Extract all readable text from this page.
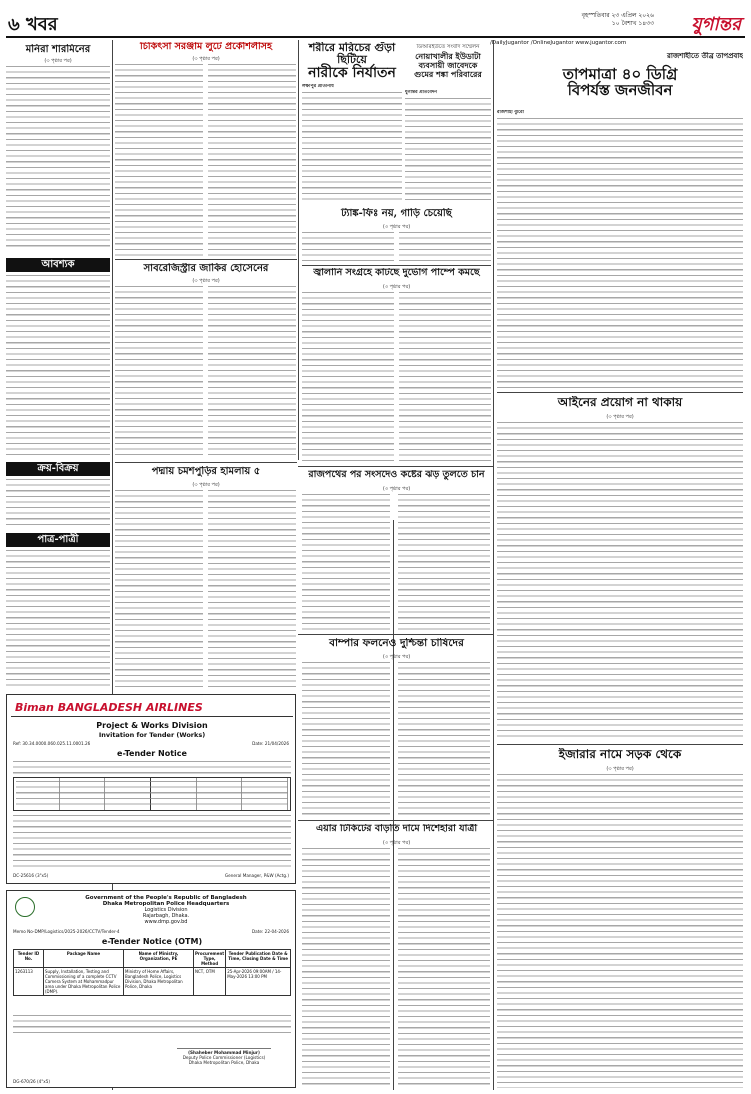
৬ খবর	বৃহস্পতিবার ২৩ এপ্রিল ২০২৬
১০ বৈশাখ ১৪৩৩ যুগান্তর
/DailyJugantor /OnlineJugantor www.jugantor.com
মনিরা শারমিনের
(৩ পৃষ্ঠার পর)
আবশ্যক
ক্রয়-বিক্রয়
পাত্র-পাত্রী
চিকিৎসা সরঞ্জাম লুটে প্রকৌশলীসহ
(৩ পৃষ্ঠার পর)
সাবরেজিস্ট্রার জাকির হোসেনের
(৩ পৃষ্ঠার পর)
শরীরে মরিচের গুঁড়া ছিটিয়ে
নারীকে নির্যাতন
লক্ষীপুর প্রতিনিধি
ডিআরইউতে সংবাদ সম্মেলন
নোয়াখালীর ইউডাটা
ব্যবসায়ী জাবেদকে
গুমের শঙ্কা পরিবারের
যুগান্তর প্রতিবেদন
ট্যাঙ্ক-ফিঃ নয়, গাড়ি চেয়েছি
(৩ পৃষ্ঠার পর)
জ্বালানি সংগ্রহে কাটছে দুর্ভোগ পাম্পে কমছে
(৩ পৃষ্ঠার পর)
পদ্মায় চমশপুড়ির হামলায় ৫
(৩ পৃষ্ঠার পর)
রাজপথের পর সংসদেও কষ্টের ঝড় তুলতে চান
(৩ পৃষ্ঠার পর)
বাম্পার ফলনেও দুশ্চিন্তা চাষিদের
(৩ পৃষ্ঠার পর)
এয়ার টিকিটের বাড়তি দামে দিশেহারা যাত্রী
(৩ পৃষ্ঠার পর)
রাজশাহীতে তীব্র তাপপ্রবাহ
তাপমাত্রা ৪০ ডিগ্রি
বিপর্যস্ত জনজীবন
রাজশাহী ব্যুরো
আইনের প্রয়োগ না থাকায়
(৩ পৃষ্ঠার পর)
ইজারার নামে সড়ক থেকে
(৩ পৃষ্ঠার পর)
Biman BANGLADESH AIRLINES
Project & Works Division
Invitation for Tender (Works)
Ref: 30.34.0000.060.025.11.0001.26	Date: 21/04/2026
e-Tender Notice
DC-25616 (3"x5)	General Manager, P&W (Actg.)
Government of the People's Republic of Bangladesh
Dhaka Metropolitan Police Headquarters
Logistics Division
Rajarbagh, Dhaka.
www.dmp.gov.bd
Memo No-DMP/Logistics/2025-2026/CCTV/Tender-4	Date: 22-04-2026
e-Tender Notice (OTM)
Tender ID No.	Package Name	Name of Ministry, Organization, PE	Procurement Type, Method	Tender Publication Date & Time, Closing Date & Time
1263113	Supply, Installation, Testing and Commissioning of a complete CCTV Camera System at Mohammadpur area under Dhaka Metropolitan Police (DMP).	Ministry of Home Affairs, Bangladesh Police, Logistics Division, Dhaka Metropolitan Police, Dhaka	NCT, OTM	25-Apr-2026 09:00AM / 14-May-2026 13:00 PM
(Shaheber Mohammad Minjur)
Deputy Police Commissioner (Logistics)
Dhaka Metropolitan Police, Dhaka
DG-670/26 (4"x5)
